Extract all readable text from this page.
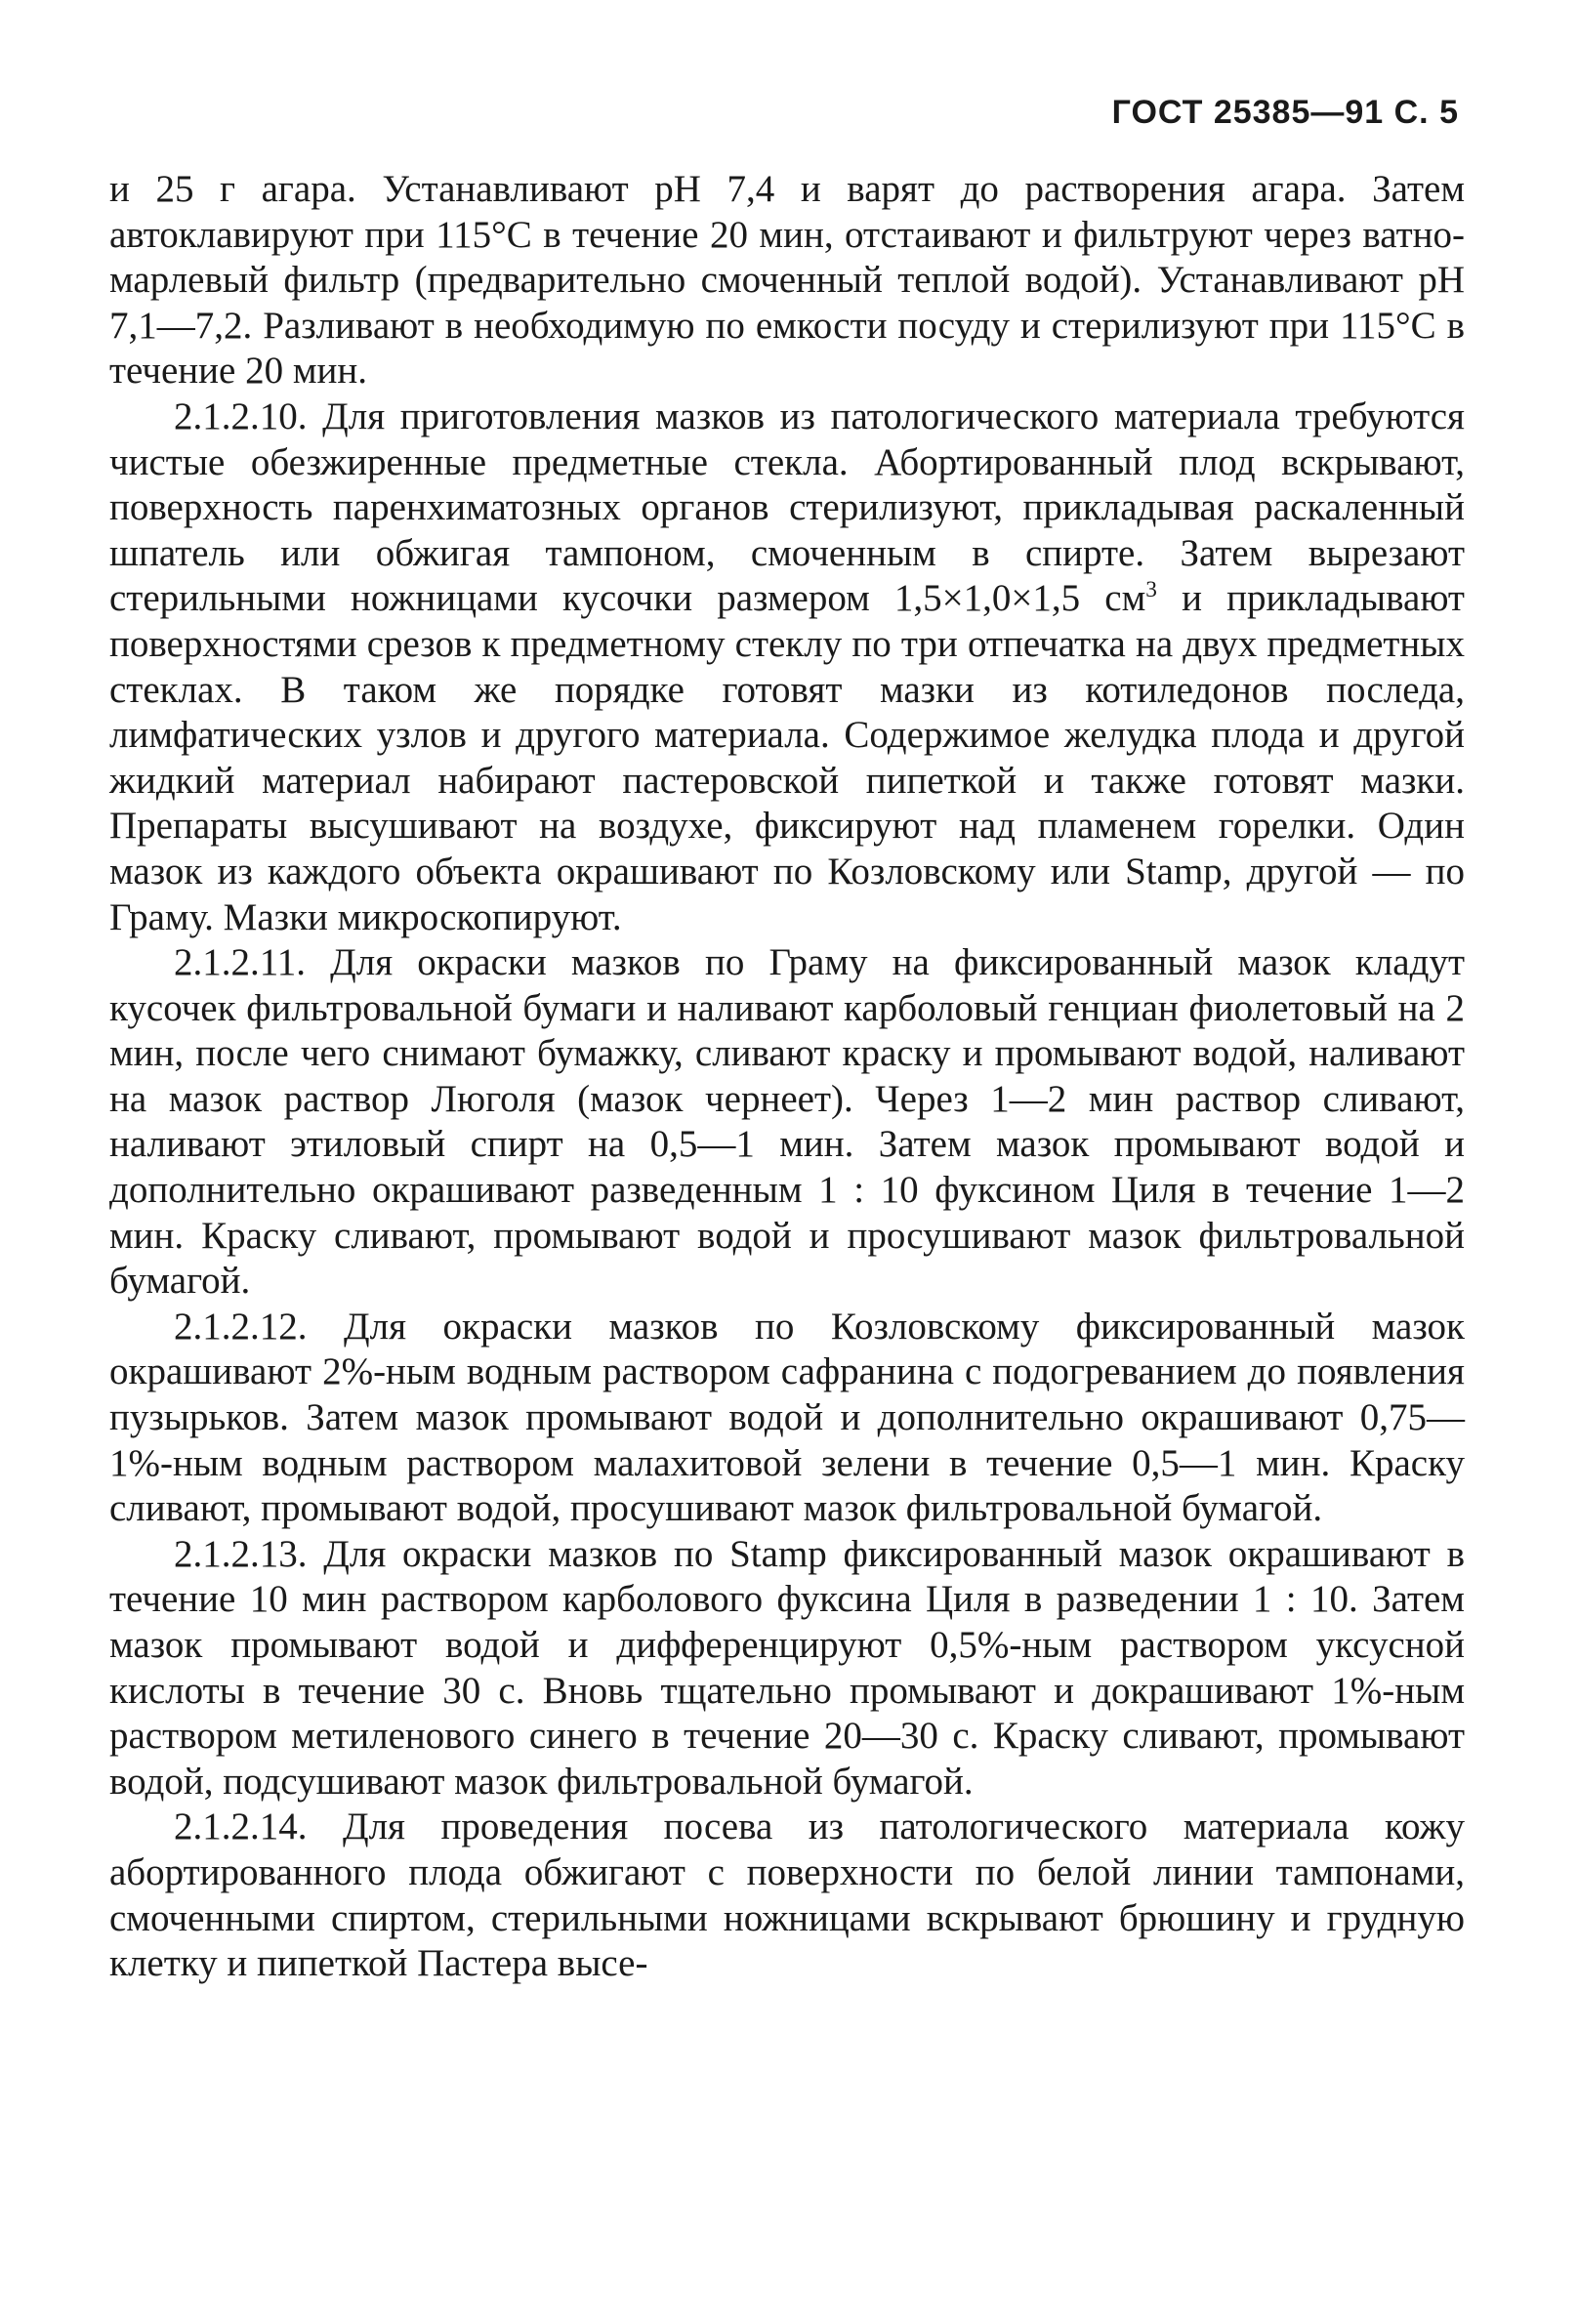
ГОСТ 25385—91 С. 5

и 25 г агара. Устанавливают рН 7,4 и варят до растворения агара. Затем автоклавируют при 115°С в течение 20 мин, отстаивают и фильтруют через ватно-марлевый фильтр (предварительно смоченный теплой водой). Устанавливают рН 7,1—7,2. Разливают в необходимую по емкости посуду и стерилизуют при 115°С в течение 20 мин.

2.1.2.10. Для приготовления мазков из патологического материала требуются чистые обезжиренные предметные стекла. Абортированный плод вскрывают, поверхность паренхиматозных органов стерилизуют, прикладывая раскаленный шпатель или обжигая тампоном, смоченным в спирте. Затем вырезают стерильными ножницами кусочки размером 1,5×1,0×1,5 $см^3$ и прикладывают поверхностями срезов к предметному стеклу по три отпечатка на двух предметных стеклах. В таком же порядке готовят мазки из котиледонов последа, лимфатических узлов и другого материала. Содержимое желудка плода и другой жидкий материал набирают пастеровской пипеткой и также готовят мазки. Препараты высушивают на воздухе, фиксируют над пламенем горелки. Один мазок из каждого объекта окрашивают по Козловскому или Stamp, другой — по Граму. Мазки микроскопируют.

2.1.2.11. Для окраски мазков по Граму на фиксированный мазок кладут кусочек фильтровальной бумаги и наливают карболовый генциан фиолетовый на 2 мин, после чего снимают бумажку, сливают краску и промывают водой, наливают на мазок раствор Люголя (мазок чернеет). Через 1—2 мин раствор сливают, наливают этиловый спирт на 0,5—1 мин. Затем мазок промывают водой и дополнительно окрашивают разведенным 1 : 10 фуксином Циля в течение 1—2 мин. Краску сливают, промывают водой и просушивают мазок фильтровальной бумагой.

2.1.2.12. Для окраски мазков по Козловскому фиксированный мазок окрашивают 2%-ным водным раствором сафранина с подогреванием до появления пузырьков. Затем мазок промывают водой и дополнительно окрашивают 0,75—1%-ным водным раствором малахитовой зелени в течение 0,5—1 мин. Краску сливают, промывают водой, просушивают мазок фильтровальной бумагой.

2.1.2.13. Для окраски мазков по Stamp фиксированный мазок окрашивают в течение 10 мин раствором карболового фуксина Циля в разведении 1 : 10. Затем мазок промывают водой и дифференцируют 0,5%-ным раствором уксусной кислоты в течение 30 с. Вновь тщательно промывают и докрашивают 1%-ным раствором метиленового синего в течение 20—30 с. Краску сливают, промывают водой, подсушивают мазок фильтровальной бумагой.

2.1.2.14. Для проведения посева из патологического материала кожу абортированного плода обжигают с поверхности по белой линии тампонами, смоченными спиртом, стерильными ножницами вскрывают брюшину и грудную клетку и пипеткой Пастера высе-
